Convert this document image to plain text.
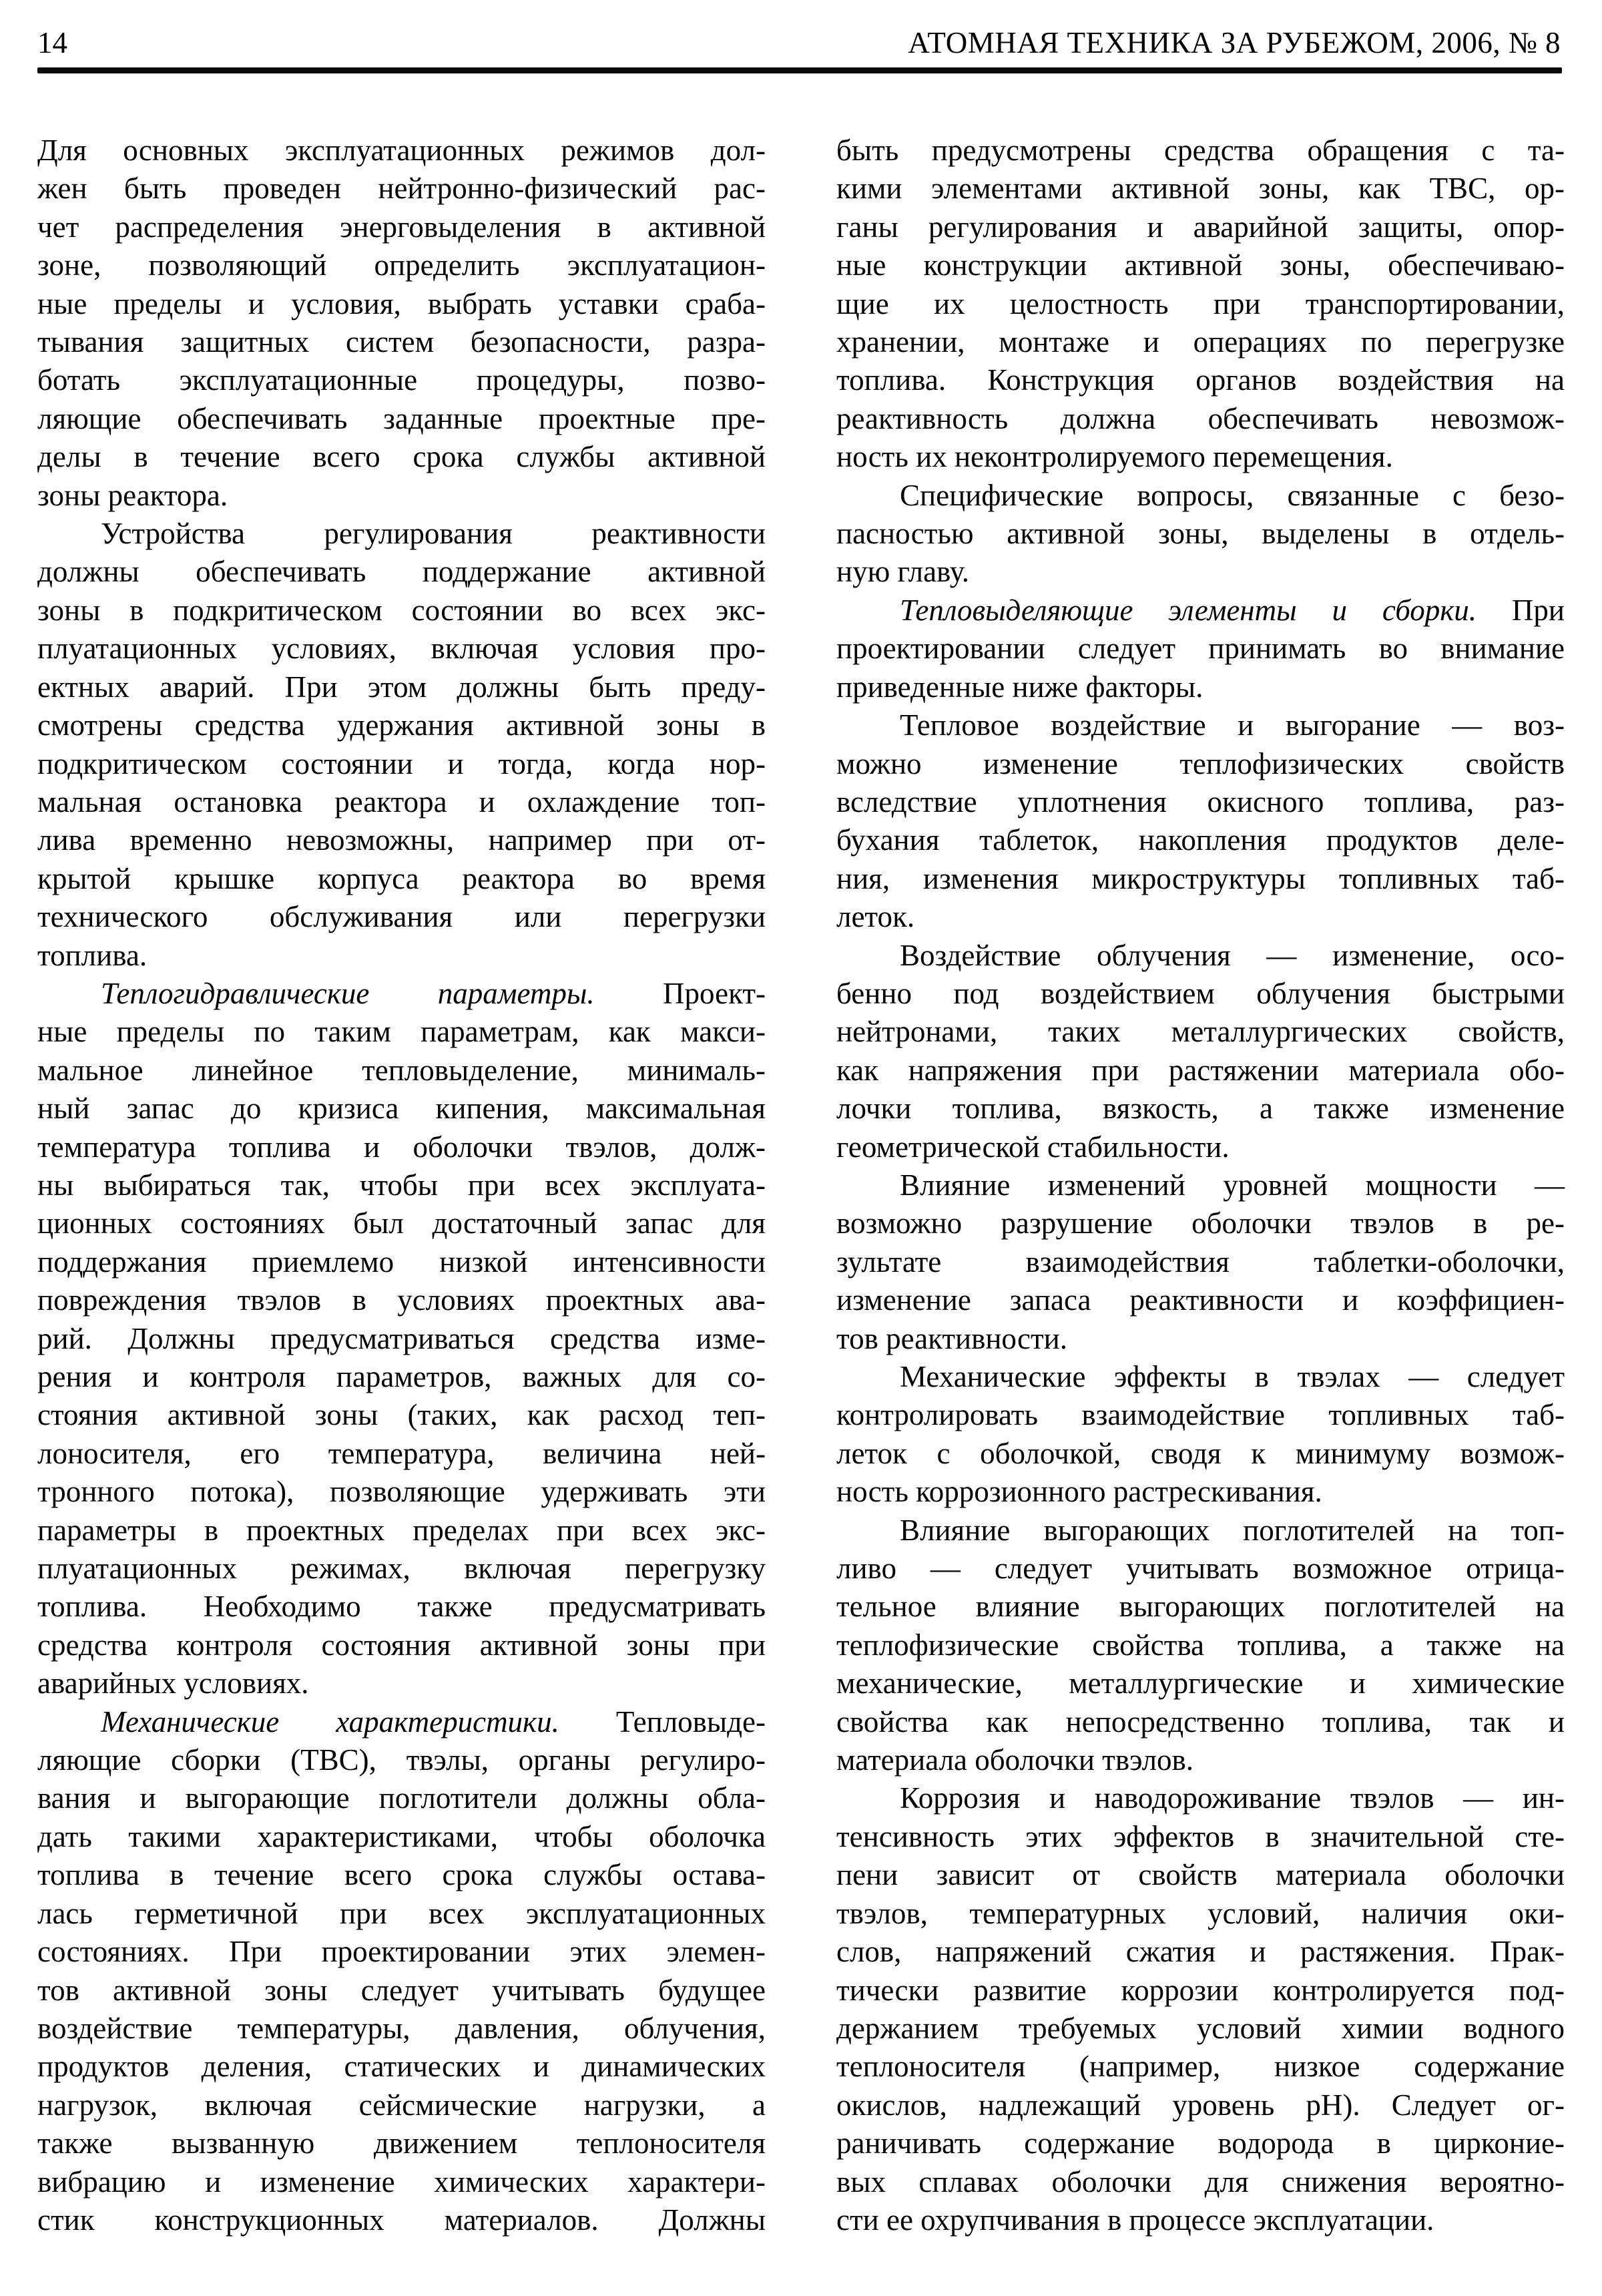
14	АТОМНАЯ ТЕХНИКА ЗА РУБЕЖОМ, 2006, № 8
Для основных эксплуатационных режимов дол-
жен быть проведен нейтронно-физический рас-
чет распределения энерговыделения в активной
зоне, позволяющий определить эксплуатацион-
ные пределы и условия, выбрать уставки сраба-
тывания защитных систем безопасности, разра-
ботать эксплуатационные процедуры, позво-
ляющие обеспечивать заданные проектные пре-
делы в течение всего срока службы активной
зоны реактора.
Устройства регулирования реактивности
должны обеспечивать поддержание активной
зоны в подкритическом состоянии во всех экс-
плуатационных условиях, включая условия про-
ектных аварий. При этом должны быть преду-
смотрены средства удержания активной зоны в
подкритическом состоянии и тогда, когда нор-
мальная остановка реактора и охлаждение топ-
лива временно невозможны, например при от-
крытой крышке корпуса реактора во время
технического обслуживания или перегрузки
топлива.
Теплогидравлические параметры. Проект-
ные пределы по таким параметрам, как макси-
мальное линейное тепловыделение, минималь-
ный запас до кризиса кипения, максимальная
температура топлива и оболочки твэлов, долж-
ны выбираться так, чтобы при всех эксплуата-
ционных состояниях был достаточный запас для
поддержания приемлемо низкой интенсивности
повреждения твэлов в условиях проектных ава-
рий. Должны предусматриваться средства изме-
рения и контроля параметров, важных для со-
стояния активной зоны (таких, как расход теп-
лоносителя, его температура, величина ней-
тронного потока), позволяющие удерживать эти
параметры в проектных пределах при всех экс-
плуатационных режимах, включая перегрузку
топлива. Необходимо также предусматривать
средства контроля состояния активной зоны при
аварийных условиях.
Механические характеристики. Тепловыде-
ляющие сборки (ТВС), твэлы, органы регулиро-
вания и выгорающие поглотители должны обла-
дать такими характеристиками, чтобы оболочка
топлива в течение всего срока службы остава-
лась герметичной при всех эксплуатационных
состояниях. При проектировании этих элемен-
тов активной зоны следует учитывать будущее
воздействие температуры, давления, облучения,
продуктов деления, статических и динамических
нагрузок, включая сейсмические нагрузки, а
также вызванную движением теплоносителя
вибрацию и изменение химических характери-
стик конструкционных материалов. Должны
быть предусмотрены средства обращения с та-
кими элементами активной зоны, как ТВС, ор-
ганы регулирования и аварийной защиты, опор-
ные конструкции активной зоны, обеспечиваю-
щие их целостность при транспортировании,
хранении, монтаже и операциях по перегрузке
топлива. Конструкция органов воздействия на
реактивность должна обеспечивать невозмож-
ность их неконтролируемого перемещения.
Специфические вопросы, связанные с безо-
пасностью активной зоны, выделены в отдель-
ную главу.
Тепловыделяющие элементы и сборки. При
проектировании следует принимать во внимание
приведенные ниже факторы.
Тепловое воздействие и выгорание — воз-
можно изменение теплофизических свойств
вследствие уплотнения окисного топлива, раз-
бухания таблеток, накопления продуктов деле-
ния, изменения микроструктуры топливных таб-
леток.
Воздействие облучения — изменение, осо-
бенно под воздействием облучения быстрыми
нейтронами, таких металлургических свойств,
как напряжения при растяжении материала обо-
лочки топлива, вязкость, а также изменение
геометрической стабильности.
Влияние изменений уровней мощности —
возможно разрушение оболочки твэлов в ре-
зультате взаимодействия таблетки-оболочки,
изменение запаса реактивности и коэффициен-
тов реактивности.
Механические эффекты в твэлах — следует
контролировать взаимодействие топливных таб-
леток с оболочкой, сводя к минимуму возмож-
ность коррозионного растрескивания.
Влияние выгорающих поглотителей на топ-
ливо — следует учитывать возможное отрица-
тельное влияние выгорающих поглотителей на
теплофизические свойства топлива, а также на
механические, металлургические и химические
свойства как непосредственно топлива, так и
материала оболочки твэлов.
Коррозия и наводороживание твэлов — ин-
тенсивность этих эффектов в значительной сте-
пени зависит от свойств материала оболочки
твэлов, температурных условий, наличия оки-
слов, напряжений сжатия и растяжения. Прак-
тически развитие коррозии контролируется под-
держанием требуемых условий химии водного
теплоносителя (например, низкое содержание
окислов, надлежащий уровень pH). Следует ог-
раничивать содержание водорода в цирконие-
вых сплавах оболочки для снижения вероятно-
сти ее охрупчивания в процессе эксплуатации.
